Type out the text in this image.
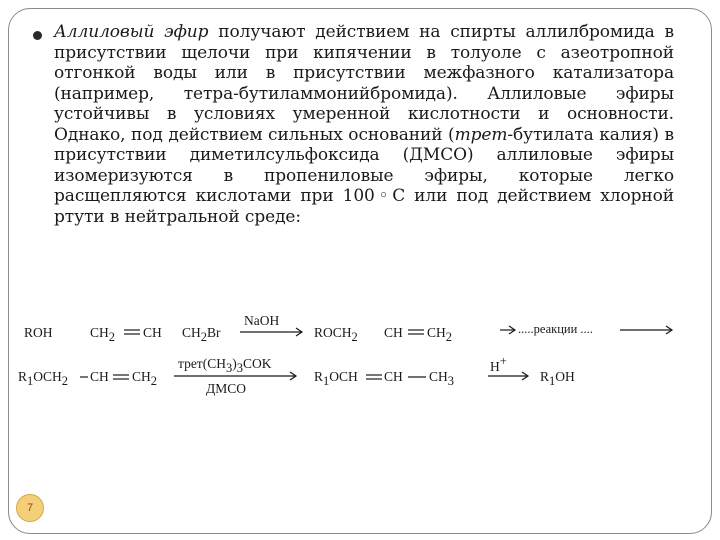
Аллиловый эфир получают действием на спирты аллилбромида в присутствии щелочи при кипячении в толуоле с азеотропной отгонкой воды или в присутствии межфазного катализатора (например, тетра-бутиламмонийбромида). Аллиловые эфиры устойчивы в условиях умеренной кислотности и основности. Однако, под действием сильных оснований (трет-бутилата калия) в присутствии диметилсульфоксида (ДМСО) аллиловые эфиры изомеризуются в пропениловые эфиры, которые легко расщепляются кислотами при 100◦С или под действием хлорной ртути в нейтральной среде:

ROH	CH2 CH CH2Br
NaOH
ROCH2 CH CH2
.....реакции ....
R1OCH2 CH CH2
трет(CH3)3COK
ДМСО
R1OCH CH CH3
H+
R1OH
7
